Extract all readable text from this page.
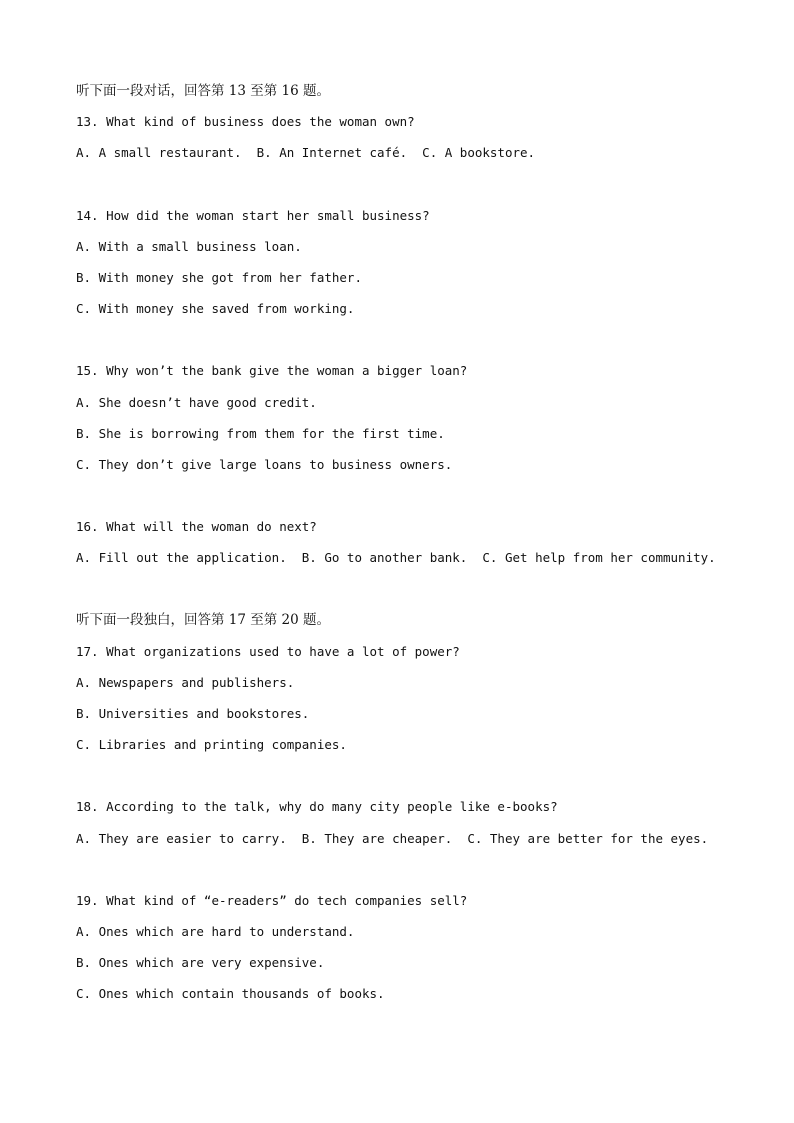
听下面一段对话，回答第 13 至第 16 题。
13. What kind of business does the woman own?
A. A small restaurant.  B. An Internet café.  C. A bookstore.
14. How did the woman start her small business?
A. With a small business loan.
B. With money she got from her father.
C. With money she saved from working.
15. Why won’t the bank give the woman a bigger loan?
A. She doesn’t have good credit.
B. She is borrowing from them for the first time.
C. They don’t give large loans to business owners.
16. What will the woman do next?
A. Fill out the application.  B. Go to another bank.  C. Get help from her community.
听下面一段独白，回答第 17 至第 20 题。
17. What organizations used to have a lot of power?
A. Newspapers and publishers.
B. Universities and bookstores.
C. Libraries and printing companies.
18. According to the talk, why do many city people like e-books?
A. They are easier to carry.  B. They are cheaper.  C. They are better for the eyes.
19. What kind of “e-readers” do tech companies sell?
A. Ones which are hard to understand.
B. Ones which are very expensive.
C. Ones which contain thousands of books.
